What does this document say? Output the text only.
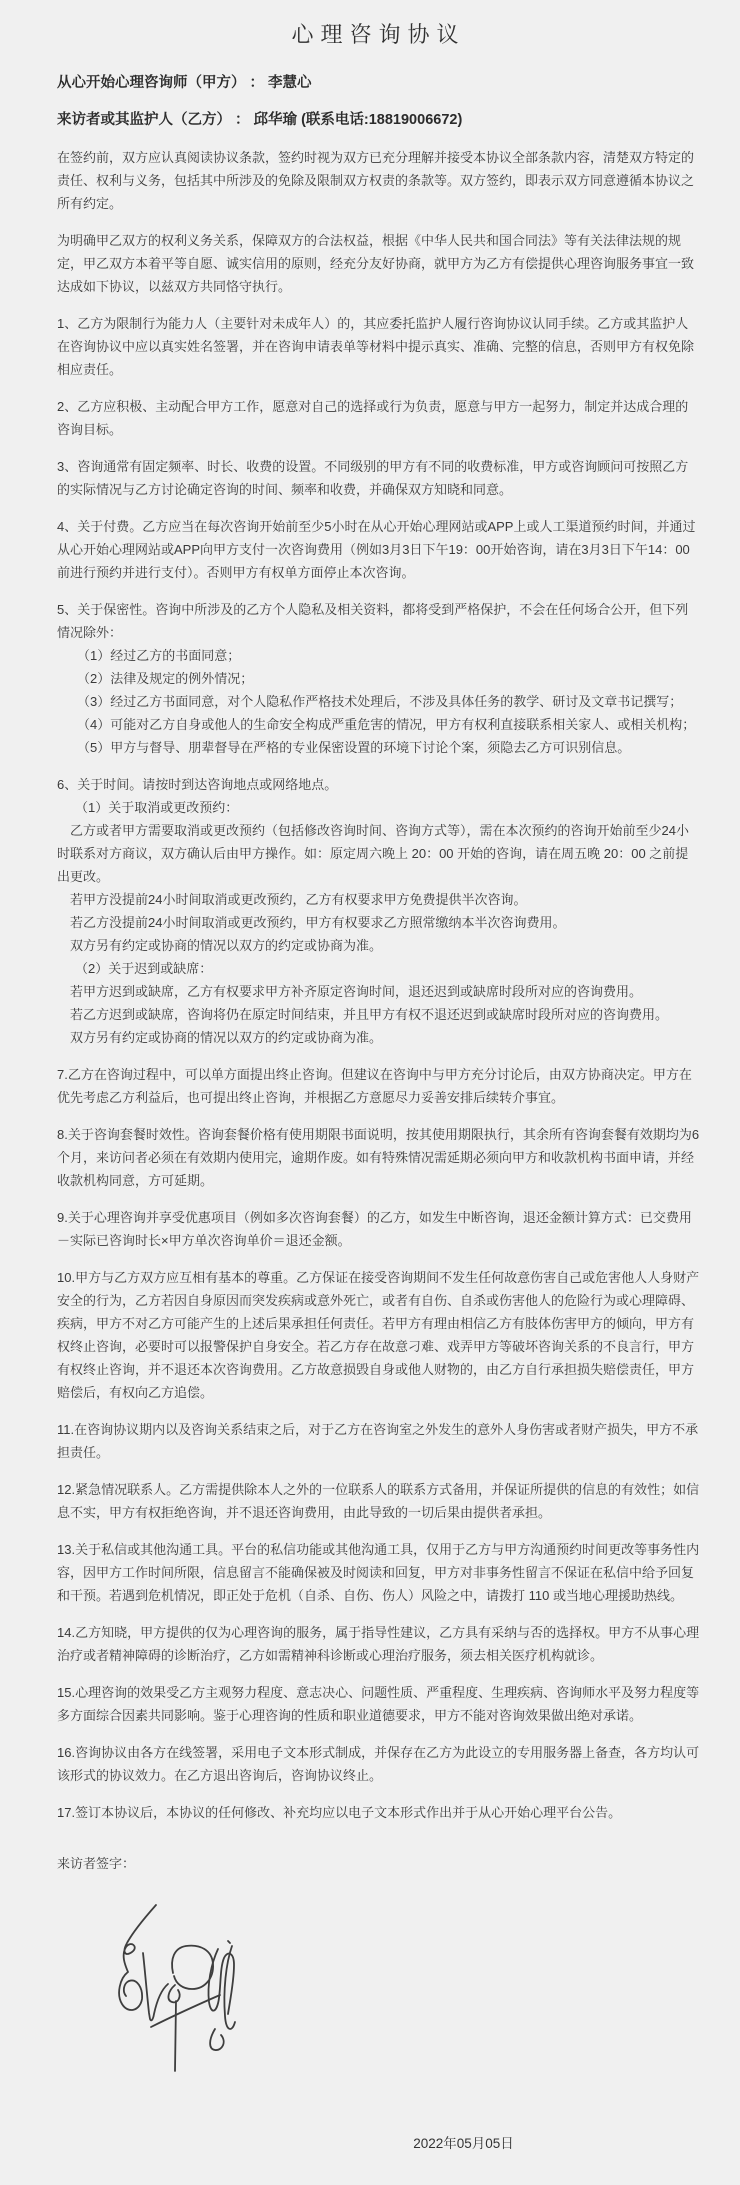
心理咨询协议

从心开始心理咨询师（甲方） ： 李慧心

来访者或其监护人（乙方） ： 邱华瑜 (联系电话:18819006672)

在签约前，双方应认真阅读协议条款，签约时视为双方已充分理解并接受本协议全部条款内容，清楚双方特定的责任、权利与义务，包括其中所涉及的免除及限制双方权责的条款等。双方签约，即表示双方同意遵循本协议之所有约定。

为明确甲乙双方的权利义务关系，保障双方的合法权益，根据《中华人民共和国合同法》等有关法律法规的规定，甲乙双方本着平等自愿、诚实信用的原则，经充分友好协商，就甲方为乙方有偿提供心理咨询服务事宜一致达成如下协议，以兹双方共同恪守执行。

1、乙方为限制行为能力人（主要针对未成年人）的，其应委托监护人履行咨询协议认同手续。乙方或其监护人在咨询协议中应以真实姓名签署，并在咨询申请表单等材料中提示真实、准确、完整的信息，否则甲方有权免除相应责任。

2、乙方应积极、主动配合甲方工作，愿意对自己的选择或行为负责，愿意与甲方一起努力，制定并达成合理的咨询目标。

3、咨询通常有固定频率、时长、收费的设置。不同级别的甲方有不同的收费标准，甲方或咨询顾问可按照乙方的实际情况与乙方讨论确定咨询的时间、频率和收费，并确保双方知晓和同意。

4、关于付费。乙方应当在每次咨询开始前至少5小时在从心开始心理网站或APP上或人工渠道预约时间，并通过从心开始心理网站或APP向甲方支付一次咨询费用（例如3月3日下午19：00开始咨询，请在3月3日下午14：00前进行预约并进行支付）。否则甲方有权单方面停止本次咨询。

5、关于保密性。咨询中所涉及的乙方个人隐私及相关资料，都将受到严格保护，不会在任何场合公开，但下列情况除外：

（1）经过乙方的书面同意；

（2）法律及规定的例外情况；

（3）经过乙方书面同意，对个人隐私作严格技术处理后，不涉及具体任务的教学、研讨及文章书记撰写；

（4）可能对乙方自身或他人的生命安全构成严重危害的情况，甲方有权利直接联系相关家人、或相关机构；

（5）甲方与督导、朋辈督导在严格的专业保密设置的环境下讨论个案，须隐去乙方可识别信息。

6、关于时间。请按时到达咨询地点或网络地点。

（1）关于取消或更改预约：

乙方或者甲方需要取消或更改预约（包括修改咨询时间、咨询方式等），需在本次预约的咨询开始前至少24小时联系对方商议，双方确认后由甲方操作。如：原定周六晚上 20：00 开始的咨询，请在周五晚 20：00 之前提出更改。

若甲方没提前24小时间取消或更改预约，乙方有权要求甲方免费提供半次咨询。

若乙方没提前24小时间取消或更改预约，甲方有权要求乙方照常缴纳本半次咨询费用。

双方另有约定或协商的情况以双方的约定或协商为准。

（2）关于迟到或缺席：

若甲方迟到或缺席，乙方有权要求甲方补齐原定咨询时间，退还迟到或缺席时段所对应的咨询费用。

若乙方迟到或缺席，咨询将仍在原定时间结束，并且甲方有权不退还迟到或缺席时段所对应的咨询费用。

双方另有约定或协商的情况以双方的约定或协商为准。

7.乙方在咨询过程中，可以单方面提出终止咨询。但建议在咨询中与甲方充分讨论后，由双方协商决定。甲方在优先考虑乙方利益后，也可提出终止咨询，并根据乙方意愿尽力妥善安排后续转介事宜。

8.关于咨询套餐时效性。咨询套餐价格有使用期限书面说明，按其使用期限执行，其余所有咨询套餐有效期均为6个月，来访问者必须在有效期内使用完，逾期作废。如有特殊情况需延期必须向甲方和收款机构书面申请，并经收款机构同意，方可延期。

9.关于心理咨询并享受优惠项目（例如多次咨询套餐）的乙方，如发生中断咨询，退还金额计算方式：已交费用－实际已咨询时长×甲方单次咨询单价＝退还金额。

10.甲方与乙方双方应互相有基本的尊重。乙方保证在接受咨询期间不发生任何故意伤害自己或危害他人人身财产安全的行为，乙方若因自身原因而突发疾病或意外死亡，或者有自伤、自杀或伤害他人的危险行为或心理障碍、疾病，甲方不对乙方可能产生的上述后果承担任何责任。若甲方有理由相信乙方有肢体伤害甲方的倾向，甲方有权终止咨询，必要时可以报警保护自身安全。若乙方存在故意刁难、戏弄甲方等破坏咨询关系的不良言行，甲方有权终止咨询，并不退还本次咨询费用。乙方故意损毁自身或他人财物的，由乙方自行承担损失赔偿责任，甲方赔偿后，有权向乙方追偿。

11.在咨询协议期内以及咨询关系结束之后，对于乙方在咨询室之外发生的意外人身伤害或者财产损失，甲方不承担责任。

12.紧急情况联系人。乙方需提供除本人之外的一位联系人的联系方式备用，并保证所提供的信息的有效性；如信息不实，甲方有权拒绝咨询，并不退还咨询费用，由此导致的一切后果由提供者承担。

13.关于私信或其他沟通工具。平台的私信功能或其他沟通工具，仅用于乙方与甲方沟通预约时间更改等事务性内容，因甲方工作时间所限，信息留言不能确保被及时阅读和回复，甲方对非事务性留言不保证在私信中给予回复和干预。若遇到危机情况，即正处于危机（自杀、自伤、伤人）风险之中，请拨打 110 或当地心理援助热线。

14.乙方知晓，甲方提供的仅为心理咨询的服务，属于指导性建议，乙方具有采纳与否的选择权。甲方不从事心理治疗或者精神障碍的诊断治疗，乙方如需精神科诊断或心理治疗服务，须去相关医疗机构就诊。

15.心理咨询的效果受乙方主观努力程度、意志决心、问题性质、严重程度、生理疾病、咨询师水平及努力程度等多方面综合因素共同影响。鉴于心理咨询的性质和职业道德要求，甲方不能对咨询效果做出绝对承诺。

16.咨询协议由各方在线签署，采用电子文本形式制成，并保存在乙方为此设立的专用服务器上备查，各方均认可该形式的协议效力。在乙方退出咨询后，咨询协议终止。

17.签订本协议后，本协议的任何修改、补充均应以电子文本形式作出并于从心开始心理平台公告。

来访者签字：

2022年05月05日
